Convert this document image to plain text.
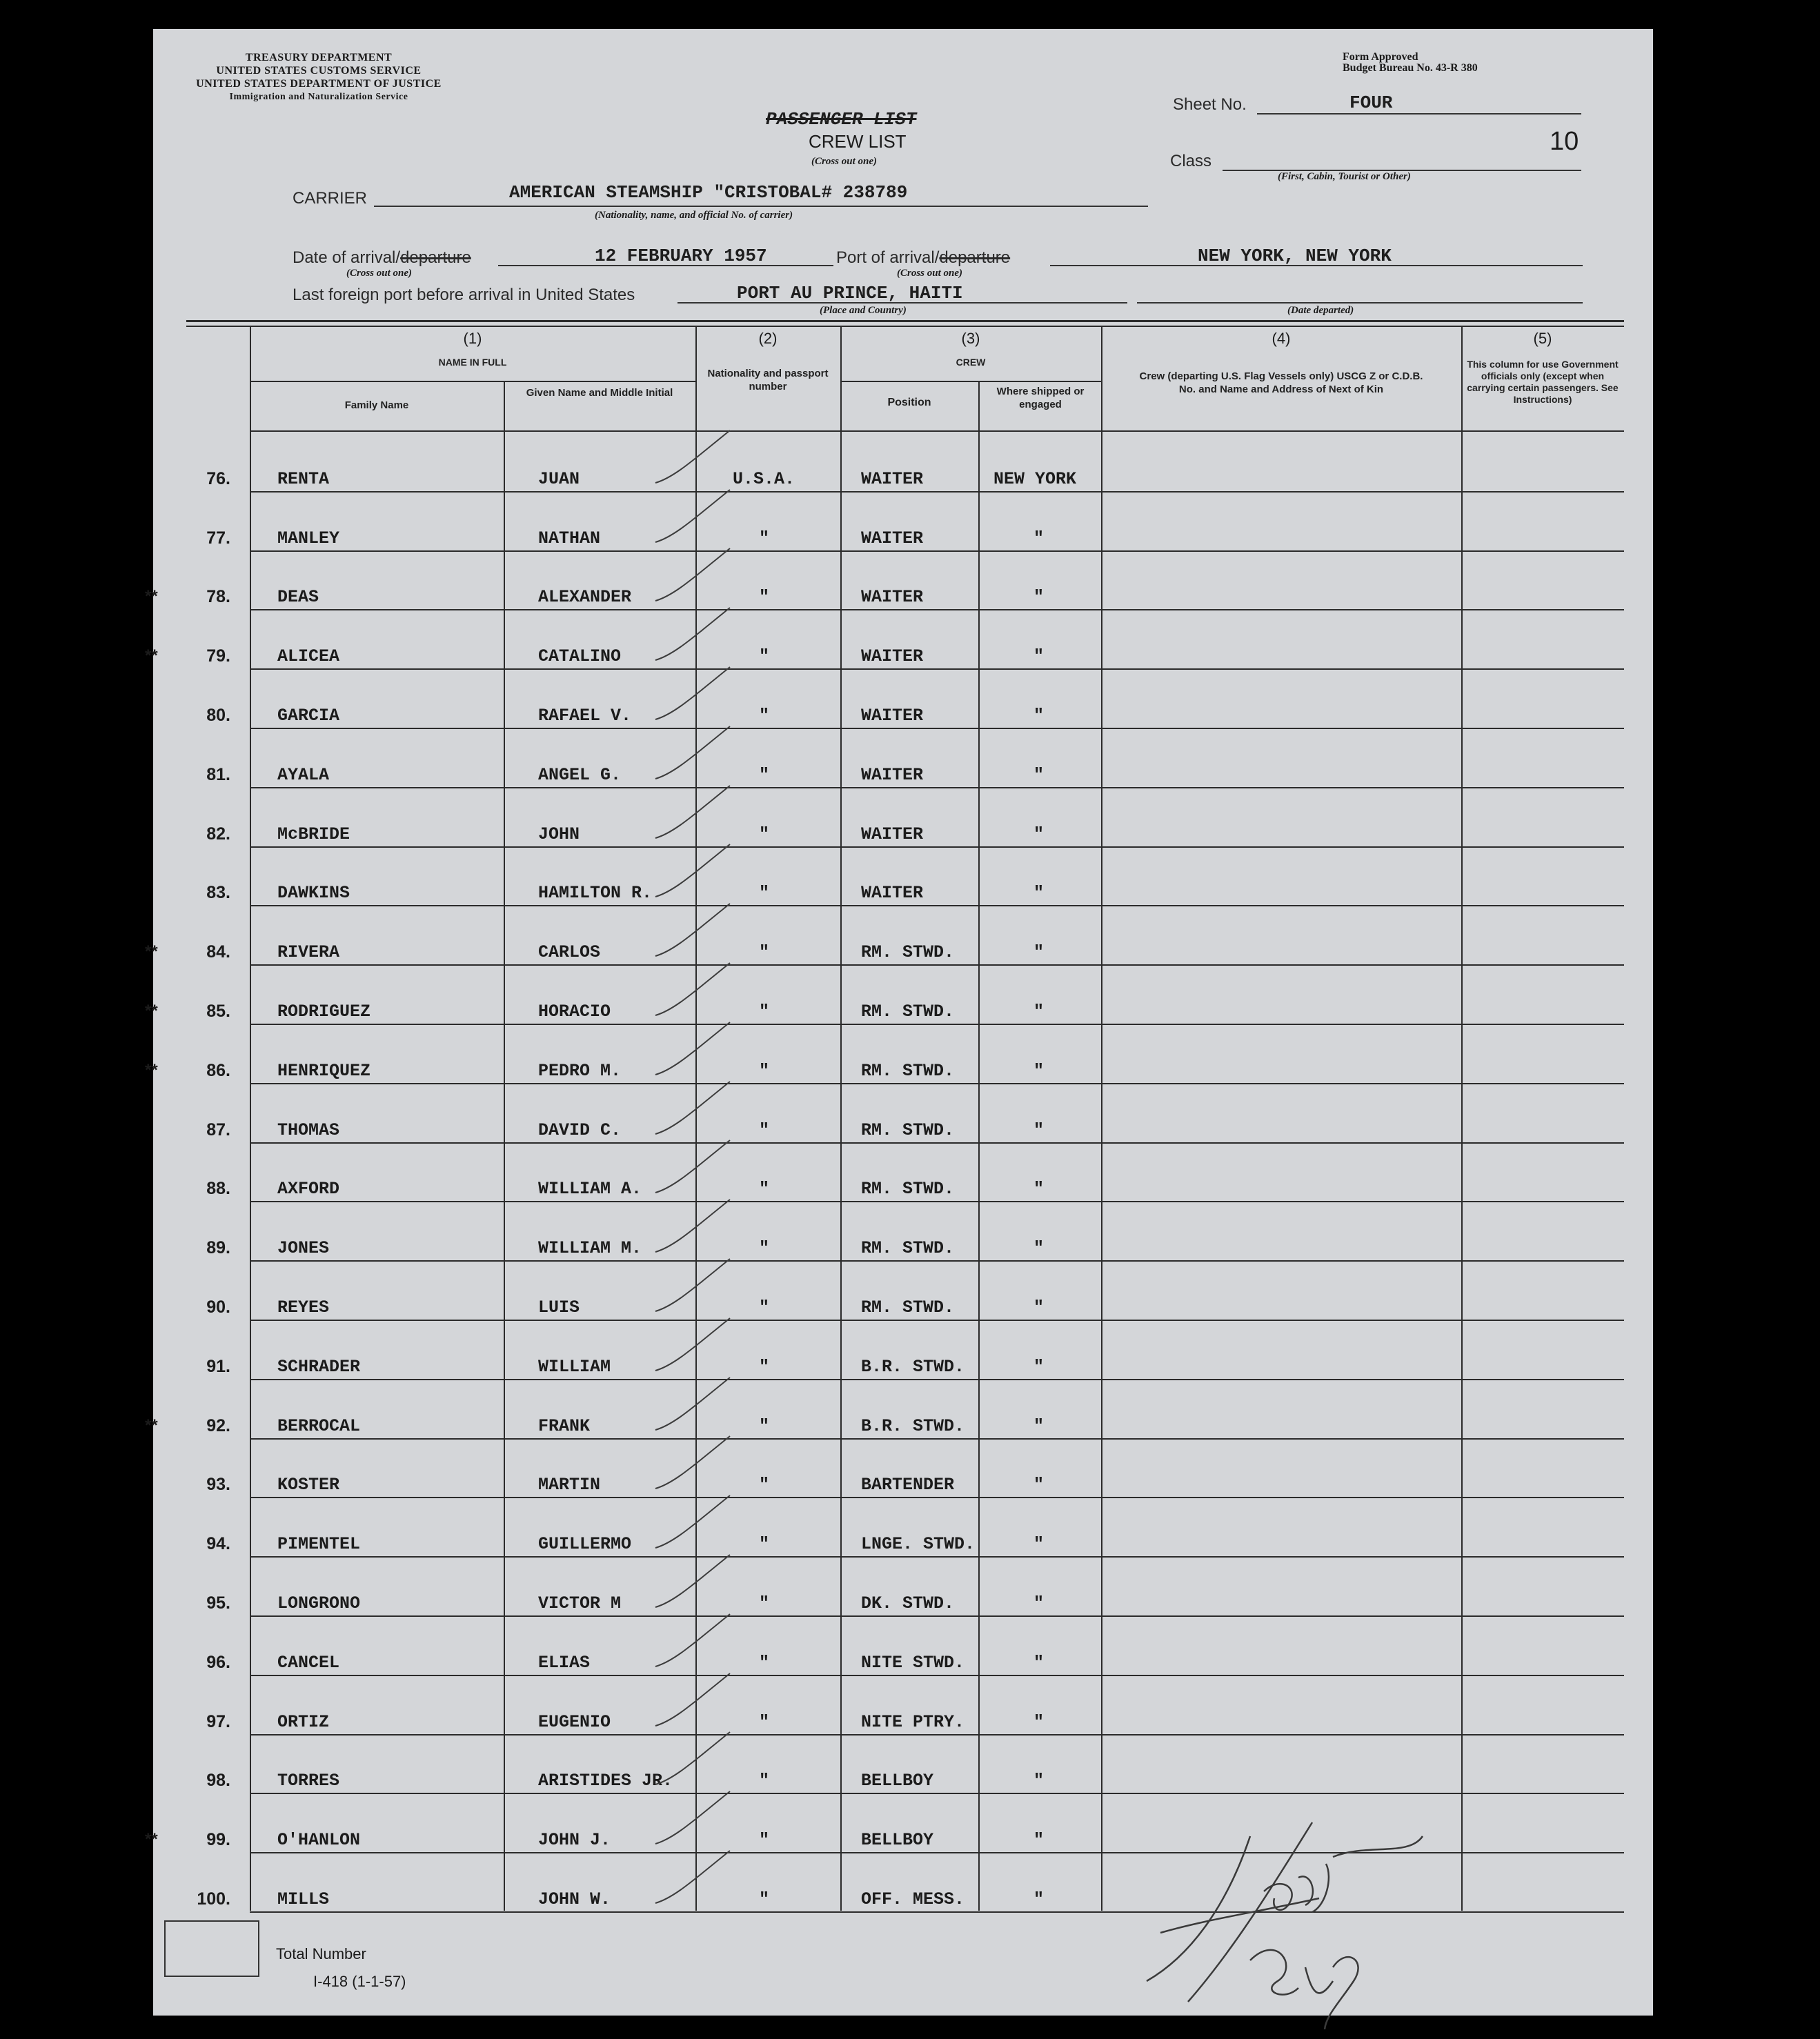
TREASURY DEPARTMENT
UNITED STATES CUSTOMS SERVICE
UNITED STATES DEPARTMENT OF JUSTICE
Immigration and Naturalization Service
Form Approved
Budget Bureau No. 43-R 380
Sheet No.	FOUR
10
Class
(First, Cabin, Tourist or Other)
PASSENGER LIST
CREW LIST
(Cross out one)
CARRIER	AMERICAN STEAMSHIP "CRISTOBAL# 238789
(Nationality, name, and official No. of carrier)
Date of arrival/departure	12 FEBRUARY 1957
(Cross out one)
Port of arrival/departure	NEW YORK, NEW YORK
(Cross out one)
Last foreign port before arrival in United States	PORT AU PRINCE, HAITI
(Place and Country)	(Date departed)
(1)
NAME IN FULL
Family Name
Given Name and Middle Initial
(2)
Nationality and passport number
(3)
CREW
Position
Where shipped or engaged
(4)
Crew (departing U.S. Flag Vessels only) USCG Z or C.D.B. No. and Name and Address of Next of Kin
(5)
This column for use Government officials only (except when carrying certain passengers. See Instructions)
76.	RENTA	JUAN	U.S.A.	WAITER	NEW YORK
77.	MANLEY	NATHAN	"	WAITER	"
**	78.	DEAS	ALEXANDER	"	WAITER	"
**	79.	ALICEA	CATALINO	"	WAITER	"
80.	GARCIA	RAFAEL V.	"	WAITER	"
81.	AYALA	ANGEL G.	"	WAITER	"
82.	McBRIDE	JOHN	"	WAITER	"
83.	DAWKINS	HAMILTON R.	"	WAITER	"
**	84.	RIVERA	CARLOS	"	RM. STWD.	"
**	85.	RODRIGUEZ	HORACIO	"	RM. STWD.	"
**	86.	HENRIQUEZ	PEDRO M.	"	RM. STWD.	"
87.	THOMAS	DAVID C.	"	RM. STWD.	"
88.	AXFORD	WILLIAM A.	"	RM. STWD.	"
89.	JONES	WILLIAM M.	"	RM. STWD.	"
90.	REYES	LUIS	"	RM. STWD.	"
91.	SCHRADER	WILLIAM	"	B.R. STWD.	"
**	92.	BERROCAL	FRANK	"	B.R. STWD.	"
93.	KOSTER	MARTIN	"	BARTENDER	"
94.	PIMENTEL	GUILLERMO	"	LNGE. STWD.	"
95.	LONGRONO	VICTOR M	"	DK. STWD.	"
96.	CANCEL	ELIAS	"	NITE STWD.	"
97.	ORTIZ	EUGENIO	"	NITE PTRY.	"
98.	TORRES	ARISTIDES JR.	"	BELLBOY	"
**	99.	O'HANLON	JOHN J.	"	BELLBOY	"
100.	MILLS	JOHN W.	"	OFF. MESS.	"
Total Number
I-418 (1-1-57)
